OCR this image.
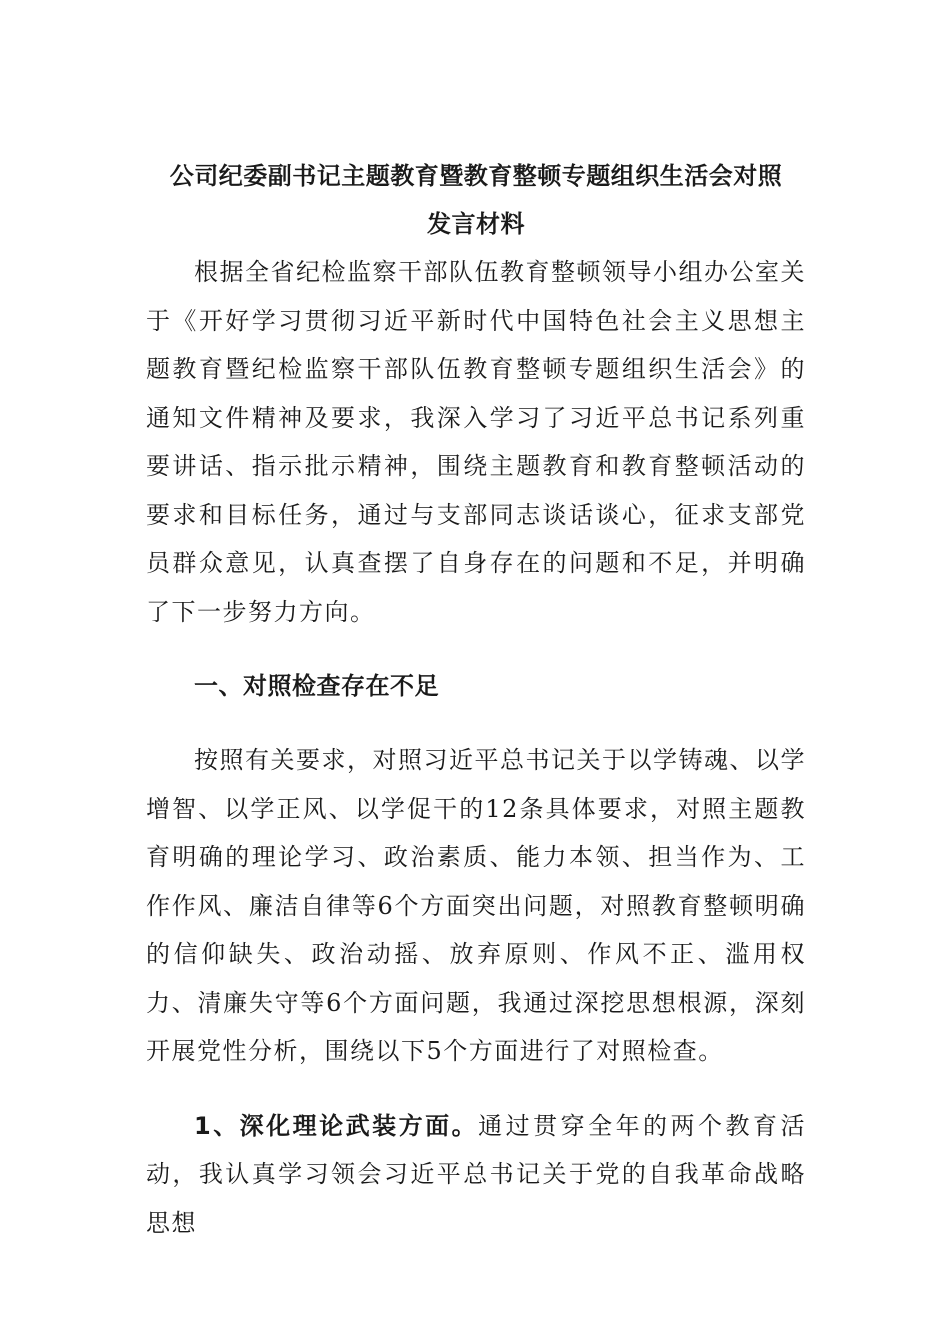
公司纪委副书记主题教育暨教育整顿专题组织生活会对照
发言材料

根据全省纪检监察干部队伍教育整顿领导小组办公室关于《开好学习贯彻习近平新时代中国特色社会主义思想主题教育暨纪检监察干部队伍教育整顿专题组织生活会》的通知文件精神及要求，我深入学习了习近平总书记系列重要讲话、指示批示精神，围绕主题教育和教育整顿活动的要求和目标任务，通过与支部同志谈话谈心，征求支部党员群众意见，认真查摆了自身存在的问题和不足，并明确了下一步努力方向。

一、对照检查存在不足

按照有关要求，对照习近平总书记关于以学铸魂、以学增智、以学正风、以学促干的12条具体要求，对照主题教育明确的理论学习、政治素质、能力本领、担当作为、工作作风、廉洁自律等6个方面突出问题，对照教育整顿明确的信仰缺失、政治动摇、放弃原则、作风不正、滥用权力、清廉失守等6个方面问题，我通过深挖思想根源，深刻开展党性分析，围绕以下5个方面进行了对照检查。

1、深化理论武装方面。通过贯穿全年的两个教育活动，我认真学习领会习近平总书记关于党的自我革命战略思想
